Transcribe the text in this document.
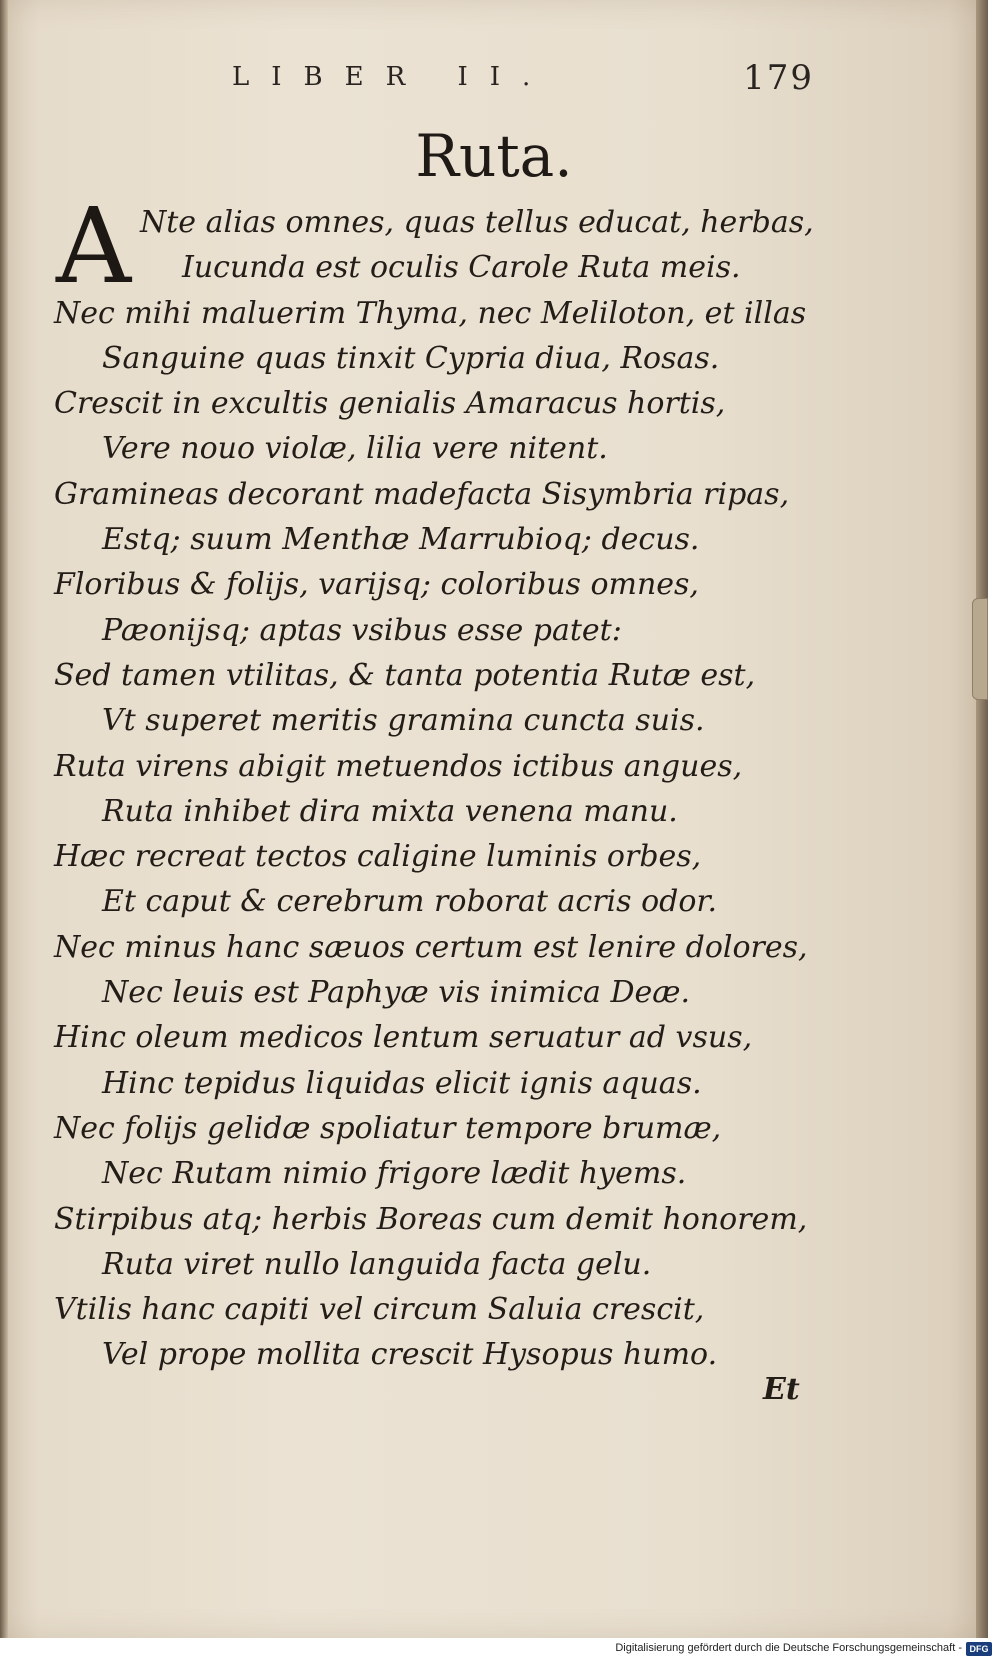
LIBER II.	179
Ruta.
A Nte alias omnes, quas tellus educat, herbas,
Iucunda est oculis Carole Ruta meis.
Nec mihi maluerim Thyma, nec Meliloton, et illas
Sanguine quas tinxit Cypria diua, Rosas.
Crescit in excultis genialis Amaracus hortis,
Vere nouo violæ, lilia vere nitent.
Gramineas decorant madefacta Sisymbria ripas,
Estq; suum Menthæ Marrubioq; decus.
Floribus & folijs, varijsq; coloribus omnes,
Pæonijsq; aptas vsibus esse patet:
Sed tamen vtilitas, & tanta potentia Rutæ est,
Vt superet meritis gramina cuncta suis.
Ruta virens abigit metuendos ictibus angues,
Ruta inhibet dira mixta venena manu.
Hæc recreat tectos caligine luminis orbes,
Et caput & cerebrum roborat acris odor.
Nec minus hanc sæuos certum est lenire dolores,
Nec leuis est Paphyæ vis inimica Deæ.
Hinc oleum medicos lentum seruatur ad vsus,
Hinc tepidus liquidas elicit ignis aquas.
Nec folijs gelidæ spoliatur tempore brumæ,
Nec Rutam nimio frigore lædit hyems.
Stirpibus atq; herbis Boreas cum demit honorem,
Ruta viret nullo languida facta gelu.
Vtilis hanc capiti vel circum Saluia crescit,
Vel prope mollita crescit Hysopus humo.
Et
Digitalisierung gefördert durch die Deutsche Forschungsgemeinschaft - DFG
